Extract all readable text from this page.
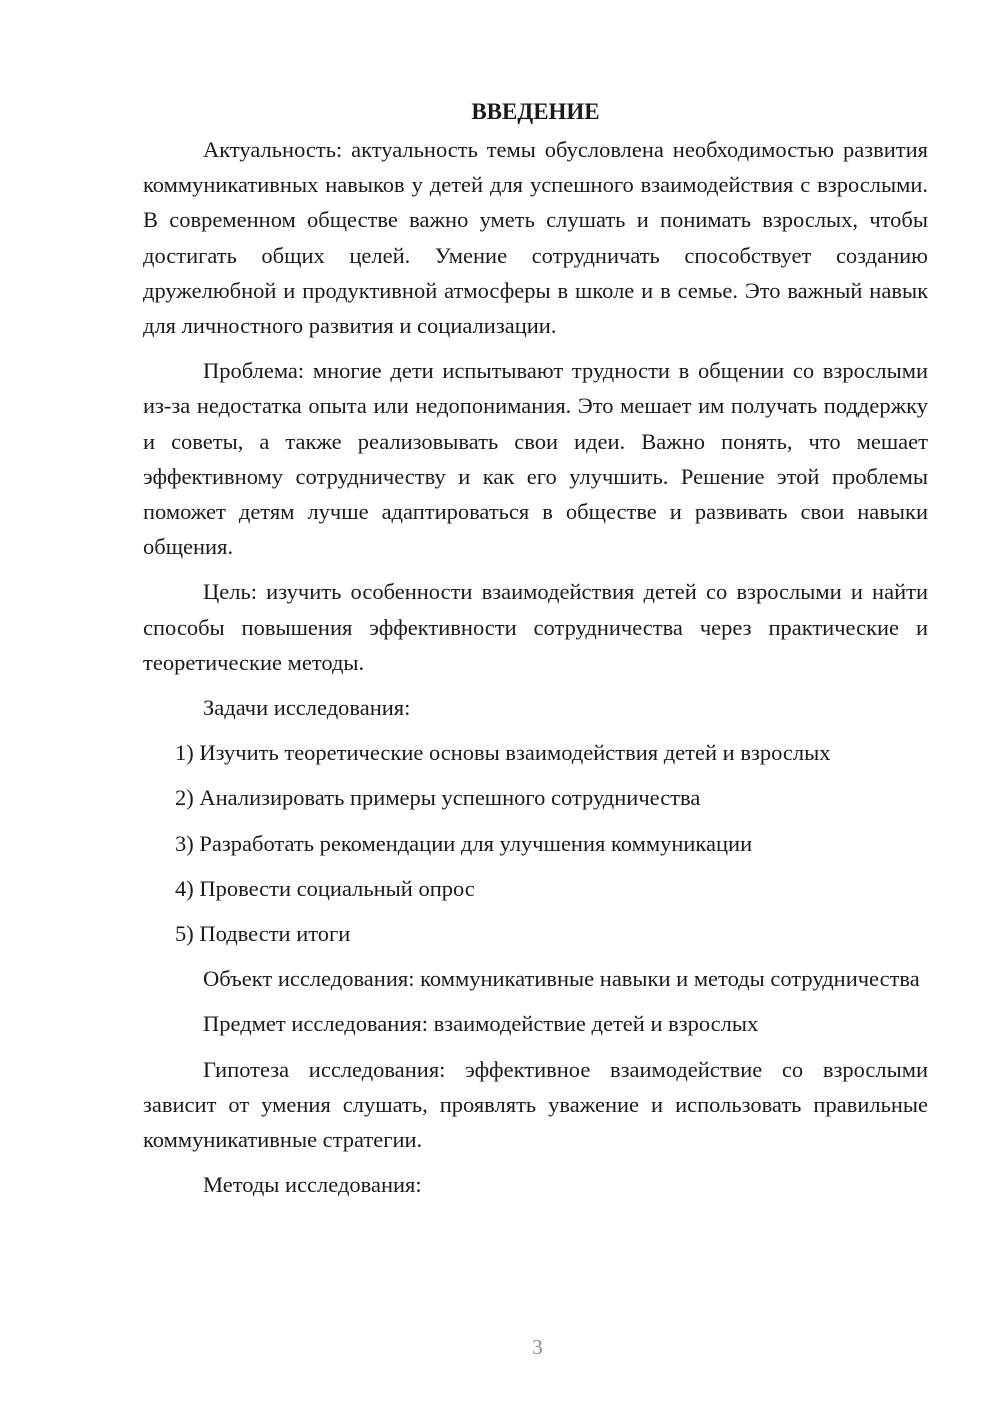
ВВЕДЕНИЕ

Актуальность: актуальность темы обусловлена необходимостью развития коммуникативных навыков у детей для успешного взаимодействия с взрослыми. В современном обществе важно уметь слушать и понимать взрослых, чтобы достигать общих целей. Умение сотрудничать способствует созданию дружелюбной и продуктивной атмосферы в школе и в семье. Это важный навык для личностного развития и социализации.

Проблема: многие дети испытывают трудности в общении со взрослыми из-за недостатка опыта или недопонимания. Это мешает им получать поддержку и советы, а также реализовывать свои идеи. Важно понять, что мешает эффективному сотрудничеству и как его улучшить. Решение этой проблемы поможет детям лучше адаптироваться в обществе и развивать свои навыки общения.

Цель: изучить особенности взаимодействия детей со взрослыми и найти способы повышения эффективности сотрудничества через практические и теоретические методы.

Задачи исследования:

1) Изучить теоретические основы взаимодействия детей и взрослых
2) Анализировать примеры успешного сотрудничества
3) Разработать рекомендации для улучшения коммуникации
4) Провести социальный опрос
5) Подвести итоги

Объект исследования: коммуникативные навыки и методы сотрудничества

Предмет исследования: взаимодействие детей и взрослых

Гипотеза исследования: эффективное взаимодействие со взрослыми зависит от умения слушать, проявлять уважение и использовать правильные коммуникативные стратегии.

Методы исследования:

3
